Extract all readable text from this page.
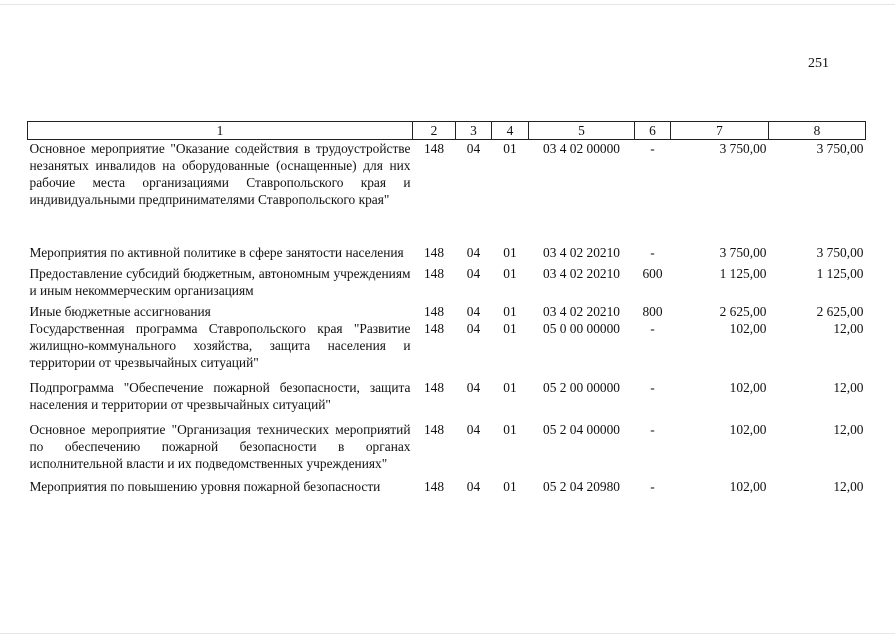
251
1	2	3	4	5	6	7	8
Основное мероприятие "Оказание содействия в трудоустройстве незанятых инвалидов на оборудованные (оснащенные) для них рабочие места организациями Ставропольского края и индивидуальными предпринимателями Ставропольского края"	148	04	01	03 4 02 00000	-	3 750,00	3 750,00
Мероприятия по активной политике в сфере занятости населения	148	04	01	03 4 02 20210	-	3 750,00	3 750,00
Предоставление субсидий бюджетным, автономным учреждениям и иным некоммерческим организациям	148	04	01	03 4 02 20210	600	1 125,00	1 125,00
Иные бюджетные ассигнования	148	04	01	03 4 02 20210	800	2 625,00	2 625,00
Государственная программа Ставропольского края "Развитие жилищно-коммунального хозяйства, защита населения и территории от чрезвычайных ситуаций"	148	04	01	05 0 00 00000	-	102,00	12,00
Подпрограмма "Обеспечение пожарной безопасности, защита населения и территории от чрезвычайных ситуаций"	148	04	01	05 2 00 00000	-	102,00	12,00
Основное мероприятие "Организация технических мероприятий по обеспечению пожарной безопасности в органах исполнительной власти и их подведомственных учреждениях"	148	04	01	05 2 04 00000	-	102,00	12,00
Мероприятия по повышению уровня пожарной безопасности	148	04	01	05 2 04 20980	-	102,00	12,00
